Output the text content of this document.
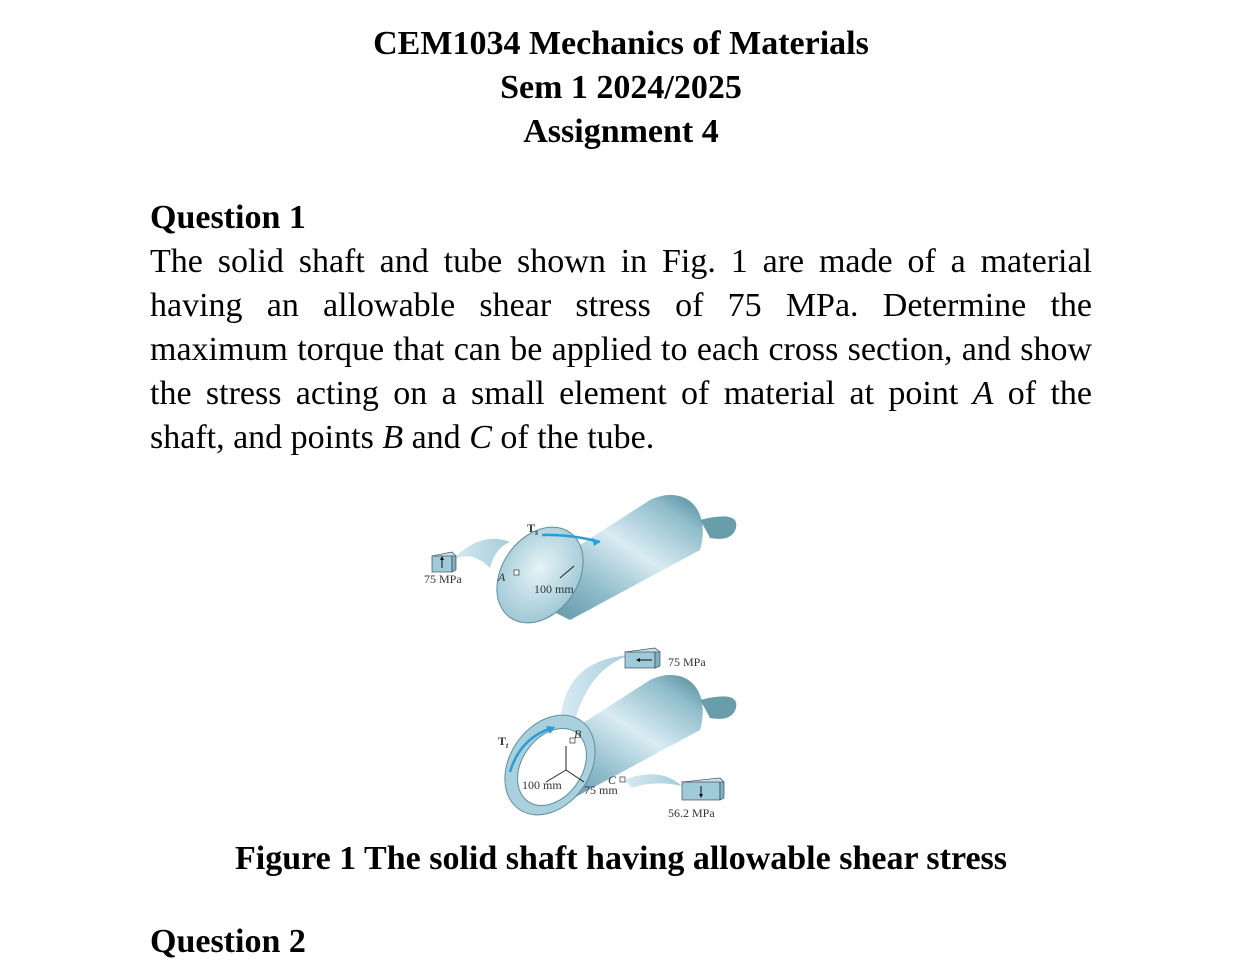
CEM1034 Mechanics of Materials
Sem 1 2024/2025
Assignment 4
Question 1

The solid shaft and tube shown in Fig. 1 are made of a material having an allowable shear stress of 75 MPa. Determine the maximum torque that can be applied to each cross section, and show the stress acting on a small element of material at point A of the shaft, and points B and C of the tube.

$T_s$
75 MPa	A
100 mm
75 MPa
$T_t$
B
C
100 mm 75 mm
56.2 MPa
Figure 1 The solid shaft having allowable shear stress
Question 2
